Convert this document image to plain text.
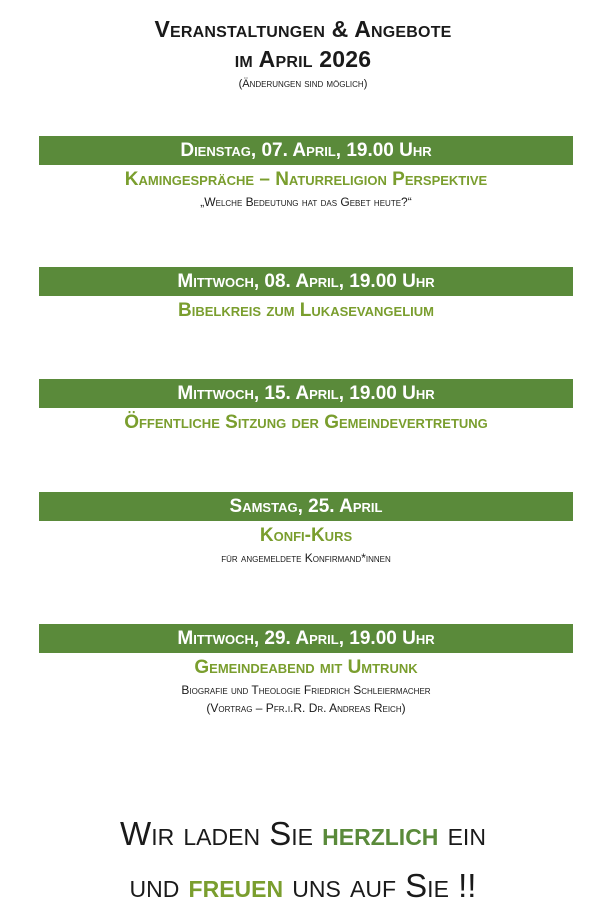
Veranstaltungen & Angebote
im April 2026
(Änderungen sind möglich)
Dienstag, 07. April, 19.00 Uhr
Kamingespräche – Naturreligion Perspektive
„Welche Bedeutung hat das Gebet heute?“
Mittwoch, 08. April, 19.00 Uhr
Bibelkreis zum Lukasevangelium
Mittwoch, 15. April, 19.00 Uhr
Öffentliche Sitzung der Gemeindevertretung
Samstag, 25. April
Konfi-Kurs
für angemeldete Konfirmand*innen
Mittwoch, 29. April, 19.00 Uhr
Gemeindeabend mit Umtrunk
Biografie und Theologie Friedrich Schleiermacher
(Vortrag – Pfr.i.R. Dr. Andreas Reich)
Wir laden Sie herzlich ein
und freuen uns auf Sie !!
